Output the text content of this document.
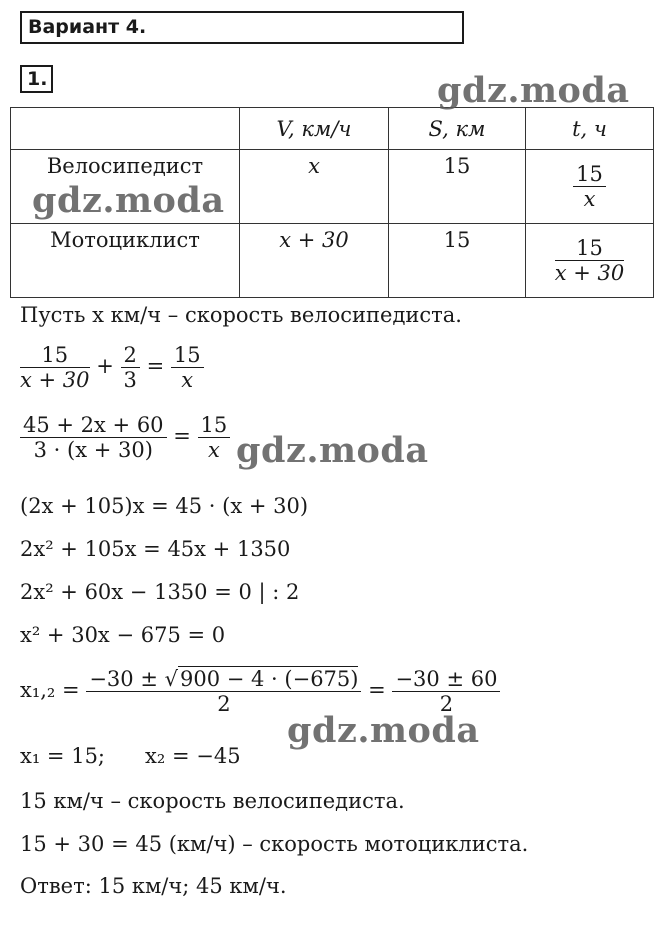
Вариант 4.
1.
	V, км/ч	S, км	t, ч
Велосипедист	x	15	$\frac{15}{x}$

Мотоциклист	x + 30	15	$\frac{15}{x + 30}$
Пусть x км/ч – скорость велосипедиста.
$\frac{15}{x + 30} + \frac{2}{3} = \frac{15}{x}$
$\frac{45 + 2x + 60}{3 \cdot (x + 30)} = \frac{15}{x}$
(2x + 105)x = 45 · (x + 30)
2x² + 105x = 45x + 1350
2x² + 60x − 1350 = 0 | : 2
x² + 30x − 675 = 0
$x_1,_2 = \frac{-30 \pm √900 - 4 \cdot (-675)}{2} = \frac{-30 \pm 60}{2}$
x₁ = 15;      x₂ = −45
15 км/ч – скорость велосипедиста.
15 + 30 = 45 (км/ч) – скорость мотоциклиста.
Ответ: 15 км/ч; 45 км/ч.
gdz.moda
gdz.moda
gdz.moda
gdz.moda
